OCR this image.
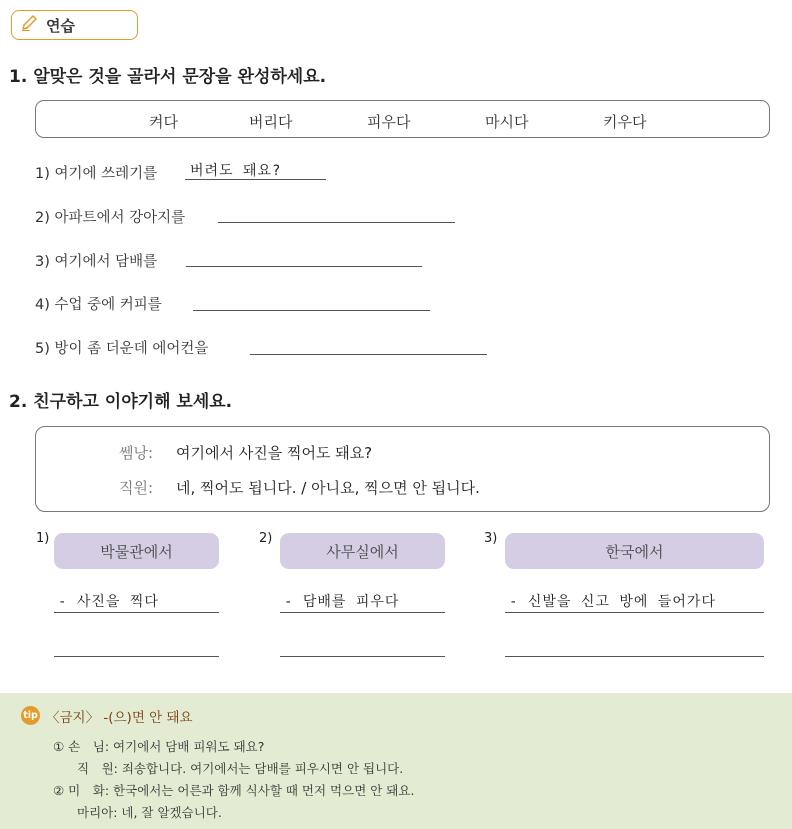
연습
1. 알맞은 것을 골라서 문장을 완성하세요.
켜다	버리다	피우다	마시다	키우다
1) 여기에 쓰레기를 버려도 돼요?
2) 아파트에서 강아지를
3) 여기에서 담배를
4) 수업 중에 커피를
5) 방이 좀 더운데 에어컨을
2. 친구하고 이야기해 보세요.
쎔낭: 여기에서 사진을 찍어도 돼요?
직원: 네, 찍어도 됩니다. / 아니요, 찍으면 안 됩니다.
1)
박물관에서
- 사진을 찍다
2)
사무실에서
- 담배를 피우다
3)
한국에서
- 신발을 신고 방에 들어가다
tip 〈금지〉 -(으)면 안 돼요
① 손　님: 여기에서 담배 피워도 돼요?
직　원: 죄송합니다. 여기에서는 담배를 피우시면 안 됩니다.
② 미　화: 한국에서는 어른과 함께 식사할 때 먼저 먹으면 안 돼요.
마리아: 네, 잘 알겠습니다.
